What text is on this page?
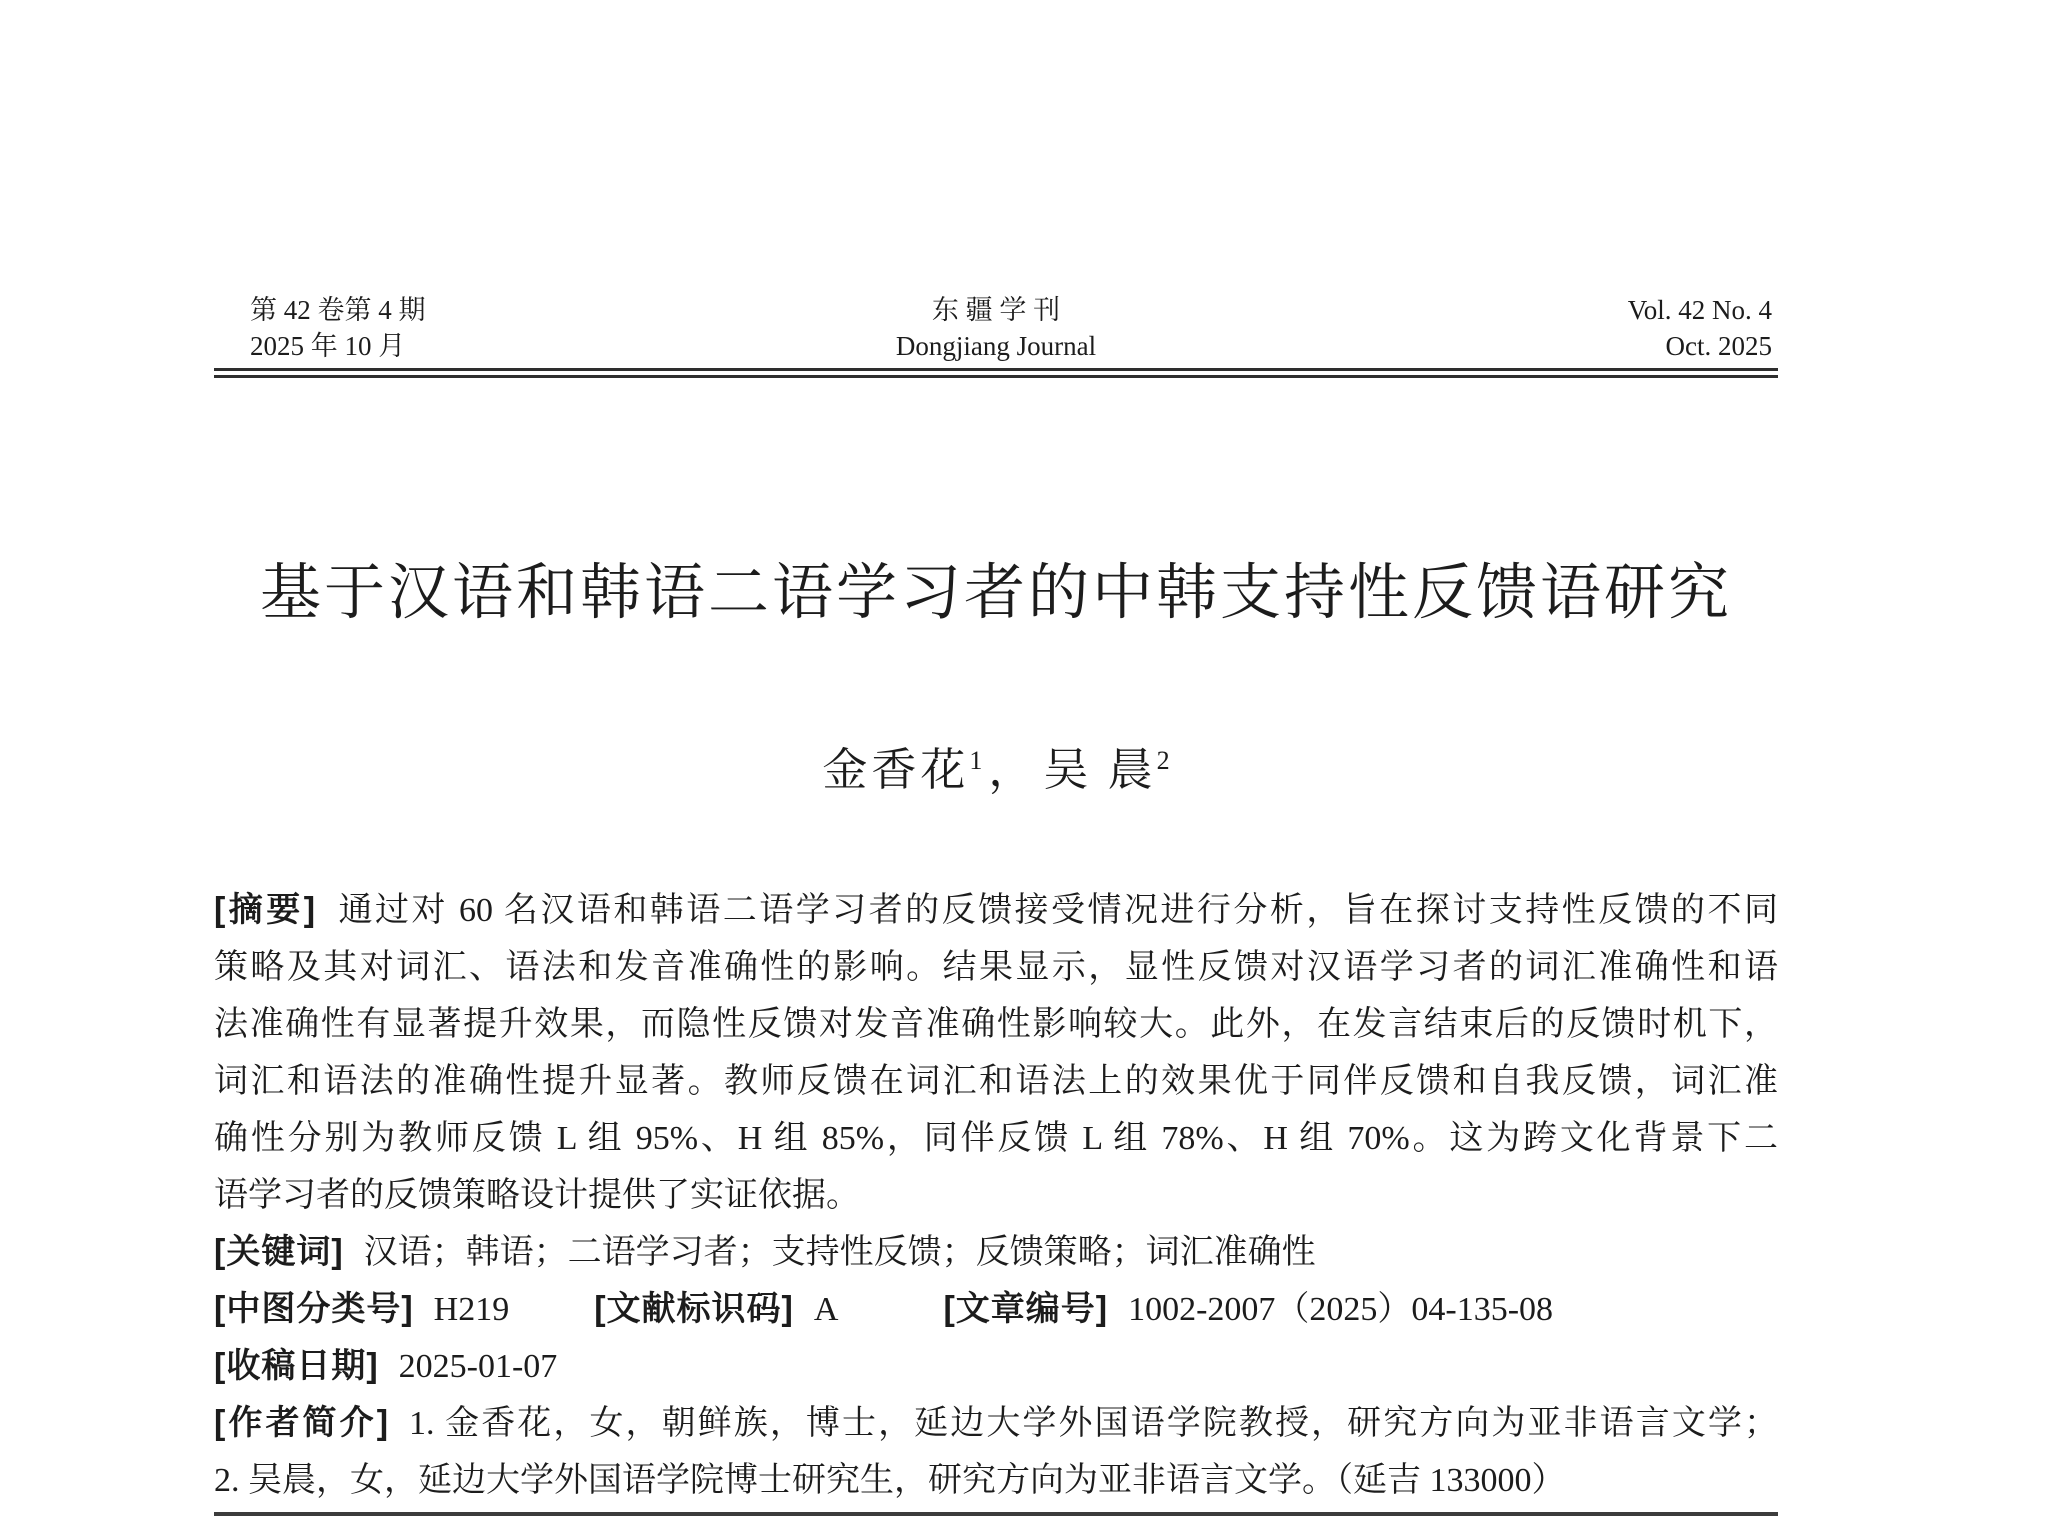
第 42 卷第 4 期
2025 年 10 月
东 疆 学 刊
Dongjiang Journal
Vol. 42 No. 4
Oct. 2025
基于汉语和韩语二语学习者的中韩支持性反馈语研究
金香花$^1$ ， 吴 晨$^2$
[摘要] 通过对 60 名汉语和韩语二语学习者的反馈接受情况进行分析，旨在探讨支持性反馈的不同
策略及其对词汇、语法和发音准确性的影响。结果显示，显性反馈对汉语学习者的词汇准确性和语
法准确性有显著提升效果，而隐性反馈对发音准确性影响较大。此外，在发言结束后的反馈时机下，
词汇和语法的准确性提升显著。教师反馈在词汇和语法上的效果优于同伴反馈和自我反馈，词汇准
确性分别为教师反馈 L 组 95%、H 组 85%，同伴反馈 L 组 78%、H 组 70%。这为跨文化背景下二
语学习者的反馈策略设计提供了实证依据。
[关键词] 汉语；韩语；二语学习者；支持性反馈；反馈策略；词汇准确性
[中图分类号] H219	[文献标识码] A	[文章编号] 1002-2007（2025）04-135-08
[收稿日期] 2025-01-07
[作者简介] 1. 金香花，女，朝鲜族，博士，延边大学外国语学院教授，研究方向为亚非语言文学；
2. 吴晨，女，延边大学外国语学院博士研究生，研究方向为亚非语言文学。（延吉 133000）
